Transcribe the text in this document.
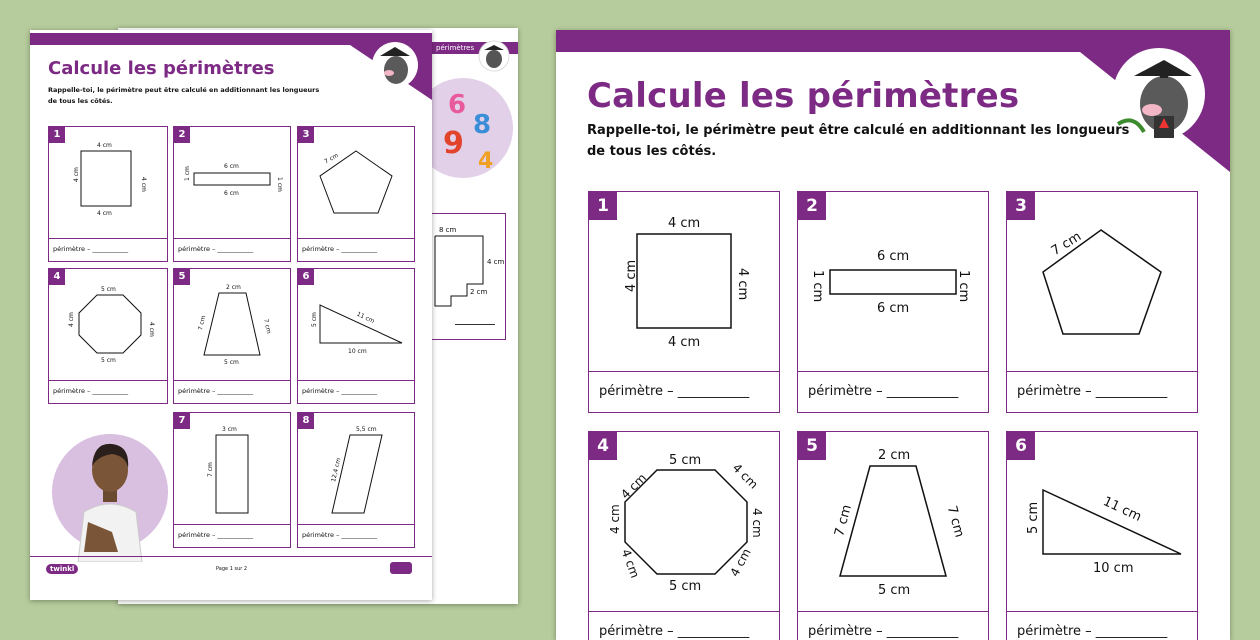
périmètres
6
8
9
4
8 cm
4 cm
2 cm
Calcule les périmètres
Rappelle-toi, le périmètre peut être calculé en additionnant les longueurs
de tous les côtés.
1
4 cm
4 cm
4 cm
4 cm
périmètre – ___________
2
6 cm
6 cm
1 cm
1 cm
périmètre – ___________
3
7 cm
périmètre – ___________
4
5 cm
5 cm
4 cm
4 cm
périmètre – ___________
5
2 cm
5 cm
7 cm	7 cm
périmètre – ___________
6
5 cm	11 cm
10 cm
périmètre – ___________
7
3 cm
7 cm
périmètre – ___________
8
5,5 cm
12,4 cm
périmètre – ___________
twinkl	Page 1 sur 2
Calcule les périmètres
Rappelle-toi, le périmètre peut être calculé en additionnant les longueurs
de tous les côtés.
1
4 cm
4 cm
4 cm	4 cm
périmètre – ___________
2
6 cm
6 cm
1 cm	1 cm
périmètre – ___________
3
7 cm
périmètre – ___________
4
5 cm
5 cm
4 cm	4 cm
4 cm	4 cm
4 cm	4 cm
périmètre – ___________
5	2 cm
5 cm
7 cm	7 cm
périmètre – ___________
6
5 cm	11 cm
10 cm
périmètre – ___________
